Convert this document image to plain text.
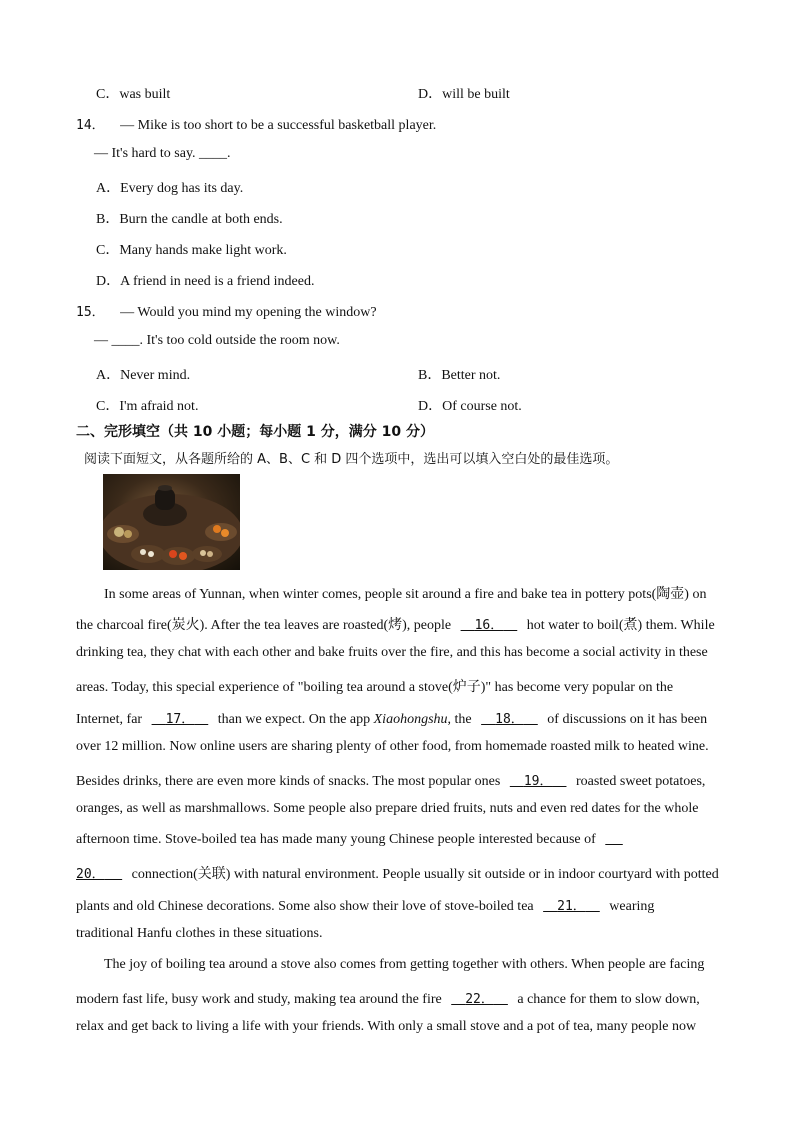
C．was built	D．will be built
14． — Mike is too short to be a successful basketball player.
— It's hard to say. ____.
A．Every dog has its day.
B．Burn the candle at both ends.
C．Many hands make light work.
D．A friend in need is a friend indeed.
15． — Would you mind my opening the window?
— ____. It's too cold outside the room now.
A．Never mind.	B．Better not.
C．I'm afraid not.	D．Of course not.
二、完形填空（共 10 小题；每小题 1 分，满分 10 分）
阅读下面短文，从各题所给的 A、B、C 和 D 四个选项中，选出可以填入空白处的最佳选项。
In some areas of Yunnan, when winter comes, people sit around a fire and bake tea in pottery pots(陶壶) on
the charcoal fire(炭火). After the tea leaves are roasted(烤), people 16． hot water to boil(煮) them. While
drinking tea, they chat with each other and bake fruits over the fire, and this has become a social activity in these
areas. Today, this special experience of "boiling tea around a stove(炉子)" has become very popular on the
Internet, far 17． than we expect. On the app Xiaohongshu, the 18． of discussions on it has been
over 12 million. Now online users are sharing plenty of other food, from homemade roasted milk to heated wine.
Besides drinks, there are even more kinds of snacks. The most popular ones 19． roasted sweet potatoes,
oranges, as well as marshmallows. Some people also prepare dried fruits, nuts and even red dates for the whole
afternoon time. Stove-boiled tea has made many young Chinese people interested because of
20． connection(关联) with natural environment. People usually sit outside or in indoor courtyard with potted
plants and old Chinese decorations. Some also show their love of stove-boiled tea 21． wearing
traditional Hanfu clothes in these situations.
The joy of boiling tea around a stove also comes from getting together with others. When people are facing
modern fast life, busy work and study, making tea around the fire 22． a chance for them to slow down,
relax and get back to living a life with your friends. With only a small stove and a pot of tea, many people now
